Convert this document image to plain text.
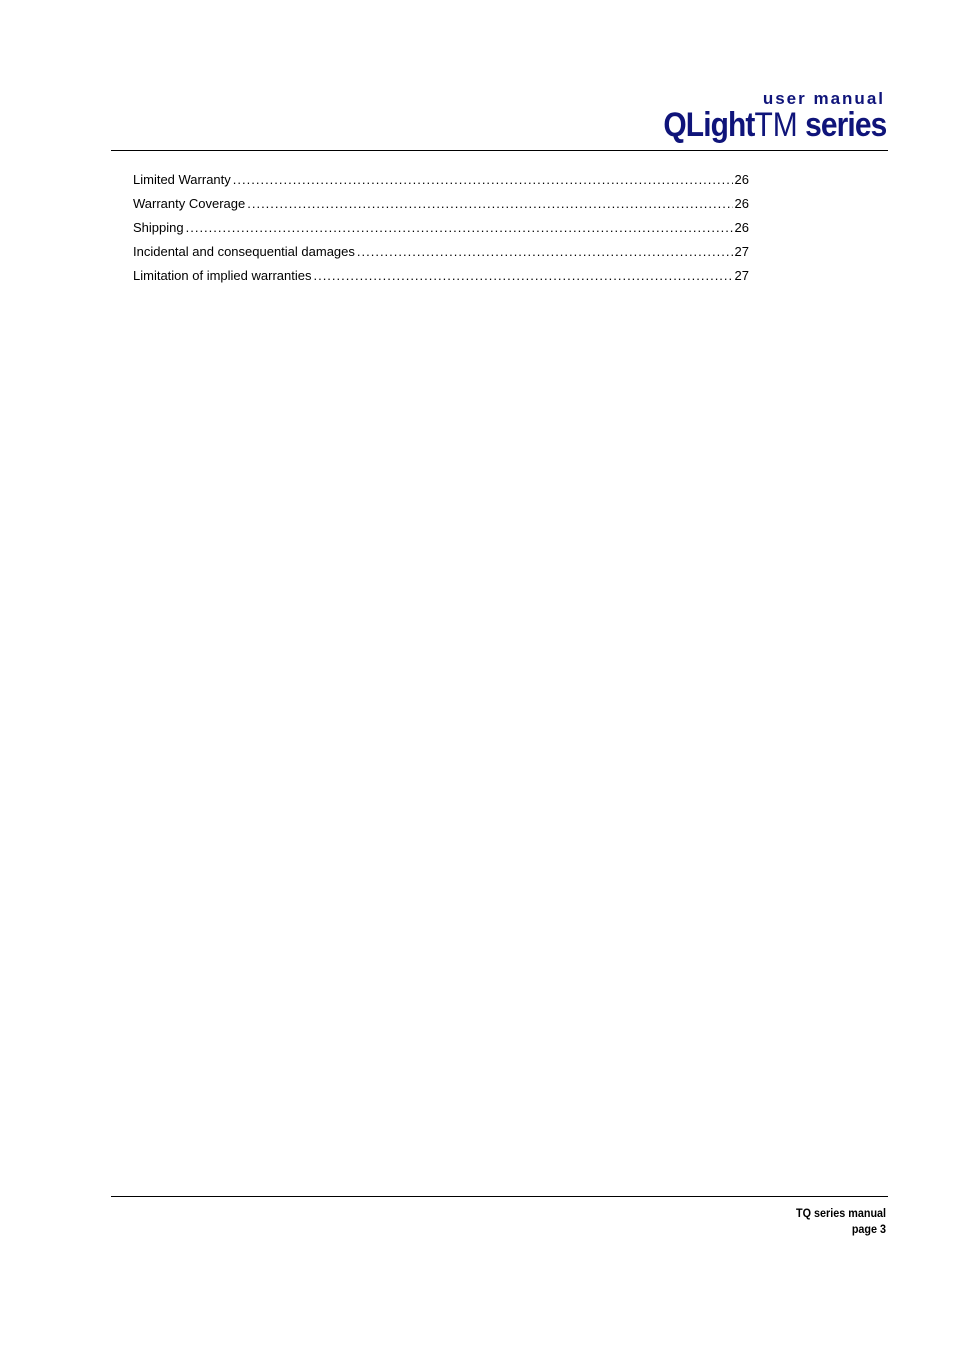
user manual
QLightTM series
Limited Warranty .....	26
Warranty Coverage .....	26
Shipping .....	26
Incidental and consequential damages .....	27
Limitation of implied warranties .....	27
TQ series manual
page 3
